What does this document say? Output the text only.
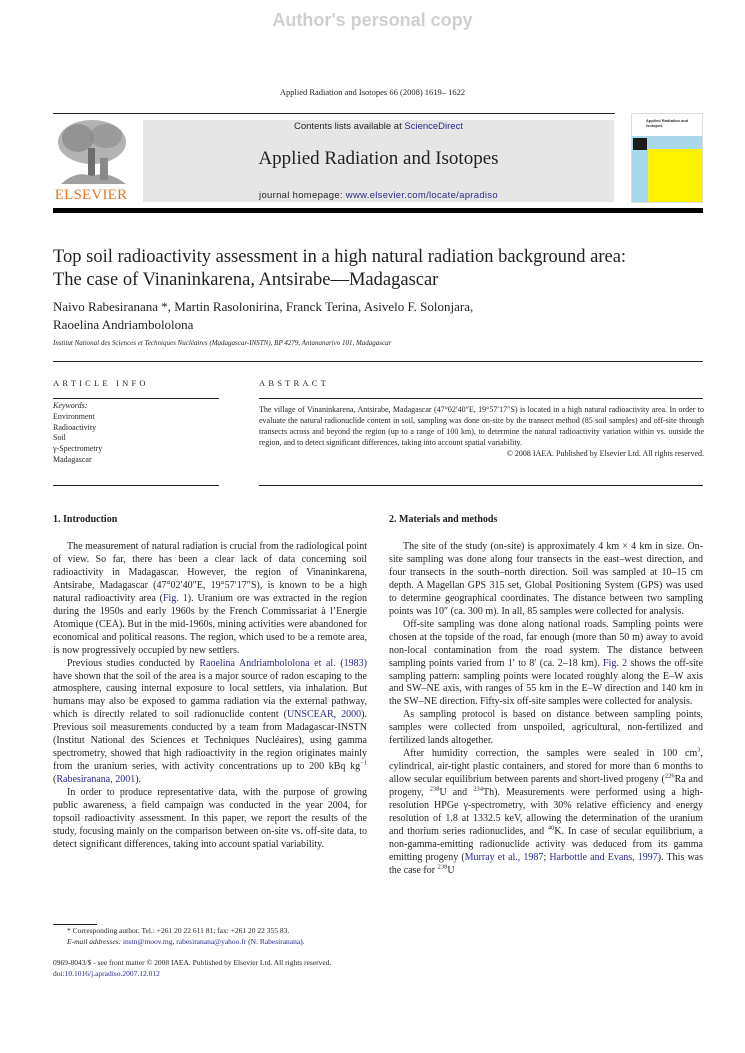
Author's personal copy
Applied Radiation and Isotopes 66 (2008) 1619– 1622
ELSEVIER
Contents lists available at ScienceDirect
Applied Radiation and Isotopes
journal homepage: www.elsevier.com/locate/apradiso
Applied Radiation and Isotopes
Top soil radioactivity assessment in a high natural radiation background area:
The case of Vinaninkarena, Antsirabe—Madagascar
Naivo Rabesiranana *, Martin Rasolonirina, Franck Terina, Asivelo F. Solonjara,
Raoelina Andriambololona
Institut National des Sciences et Techniques Nucléaires (Madagascar-INSTN), BP 4279, Antananarivo 101, Madagascar
ARTICLE INFO
Keywords:
Environment
Radioactivity
Soil
γ-Spectrometry
Madagascar
ABSTRACT
The village of Vinaninkarena, Antsirabe, Madagascar (47°02′40″E, 19°57′17″S) is located in a high natural radioactivity area. In order to evaluate the natural radionuclide content in soil, sampling was done on-site by the transect method (85 soil samples) and off-site through transects across and beyond the region (up to a range of 100 km), to determine the natural radioactivity variation within vs. outside the region, and to detect significant differences, taking into account spatial variability.
© 2008 IAEA. Published by Elsevier Ltd. All rights reserved.
1. Introduction

The measurement of natural radiation is crucial from the radiological point of view. So far, there has been a clear lack of data concerning soil radioactivity in Madagascar. However, the region of Vinaninkarena, Antsirabe, Madagascar (47°02′40″E, 19°57′17″S), is known to be a high natural radioactivity area (Fig. 1). Uranium ore was extracted in the region during the 1950s and early 1960s by the French Commissariat à l’Energie Atomique (CEA). But in the mid-1960s, mining activities were abandoned for economical and political reasons. The region, which used to be a remote area, is now progressively occupied by new settlers.

Previous studies conducted by Raoelina Andriambololona et al. (1983) have shown that the soil of the area is a major source of radon escaping to the atmosphere, causing internal exposure to local settlers, via inhalation. But humans may also be exposed to gamma radiation via the external pathway, which is directly related to soil radionuclide content (UNSCEAR, 2000). Previous soil measurements conducted by a team from Madagascar-INSTN (Institut National des Sciences et Techniques Nucléaires), using gamma spectrometry, showed that high radioactivity in the region originates mainly from the uranium series, with activity concentrations up to 200 kBq $kg^{-1}$ (Rabesiranana, 2001).

In order to produce representative data, with the purpose of growing public awareness, a field campaign was conducted in the year 2004, for topsoil radioactivity assessment. In this paper, we report the results of the study, focusing mainly on the comparison between on-site vs. off-site data, to detect significant differences, taking into account spatial variability.

2. Materials and methods

The site of the study (on-site) is approximately 4 km × 4 km in size. On-site sampling was done along four transects in the east–west direction, and four transects in the south–north direction. Soil was sampled at 10–15 cm depth. A Magellan GPS 315 set, Global Positioning System (GPS) was used to determine geographical coordinates. The distance between two sampling points was 10″ (ca. 300 m). In all, 85 samples were collected for analysis.

Off-site sampling was done along national roads. Sampling points were chosen at the topside of the road, far enough (more than 50 m) away to avoid non-local contamination from the road system. The distance between sampling points varied from 1′ to 8′ (ca. 2–18 km). Fig. 2 shows the off-site sampling pattern: sampling points were located roughly along the E–W axis and SW–NE axis, with ranges of 55 km in the E–W direction and 140 km in the SW–NE direction. Fifty-six off-site samples were collected for analysis.

As sampling protocol is based on distance between sampling points, samples were collected from unspoiled, agricultural, non-fertilized and fertilized lands altogether.

After humidity correction, the samples were sealed in 100 $cm^3$, cylindrical, air-tight plastic containers, and stored for more than 6 months to allow secular equilibrium between parents and short-lived progeny ($^{226}$Ra and progeny, $^{238}$U and $^{234}$Th). Measurements were performed using a high-resolution HPGe γ-spectrometry, with 30% relative efficiency and energy resolution of 1.8 at 1332.5 keV, allowing the determination of the uranium and thorium series radionuclides, and $^{40}$K. In case of secular equilibrium, a non-gamma-emitting radionuclide activity was deduced from its gamma emitting progeny (Murray et al., 1987; Harbottle and Evans, 1997). This was the case for $^{238}$U

* Corresponding author. Tel.: +261 20 22 611 81; fax: +261 20 22 355 83.
E-mail addresses: instn@moov.mg, rabesiranana@yahoo.fr (N. Rabesiranana).
0969-8043/$ - see front matter © 2008 IAEA. Published by Elsevier Ltd. All rights reserved.
doi:10.1016/j.apradiso.2007.12.012
